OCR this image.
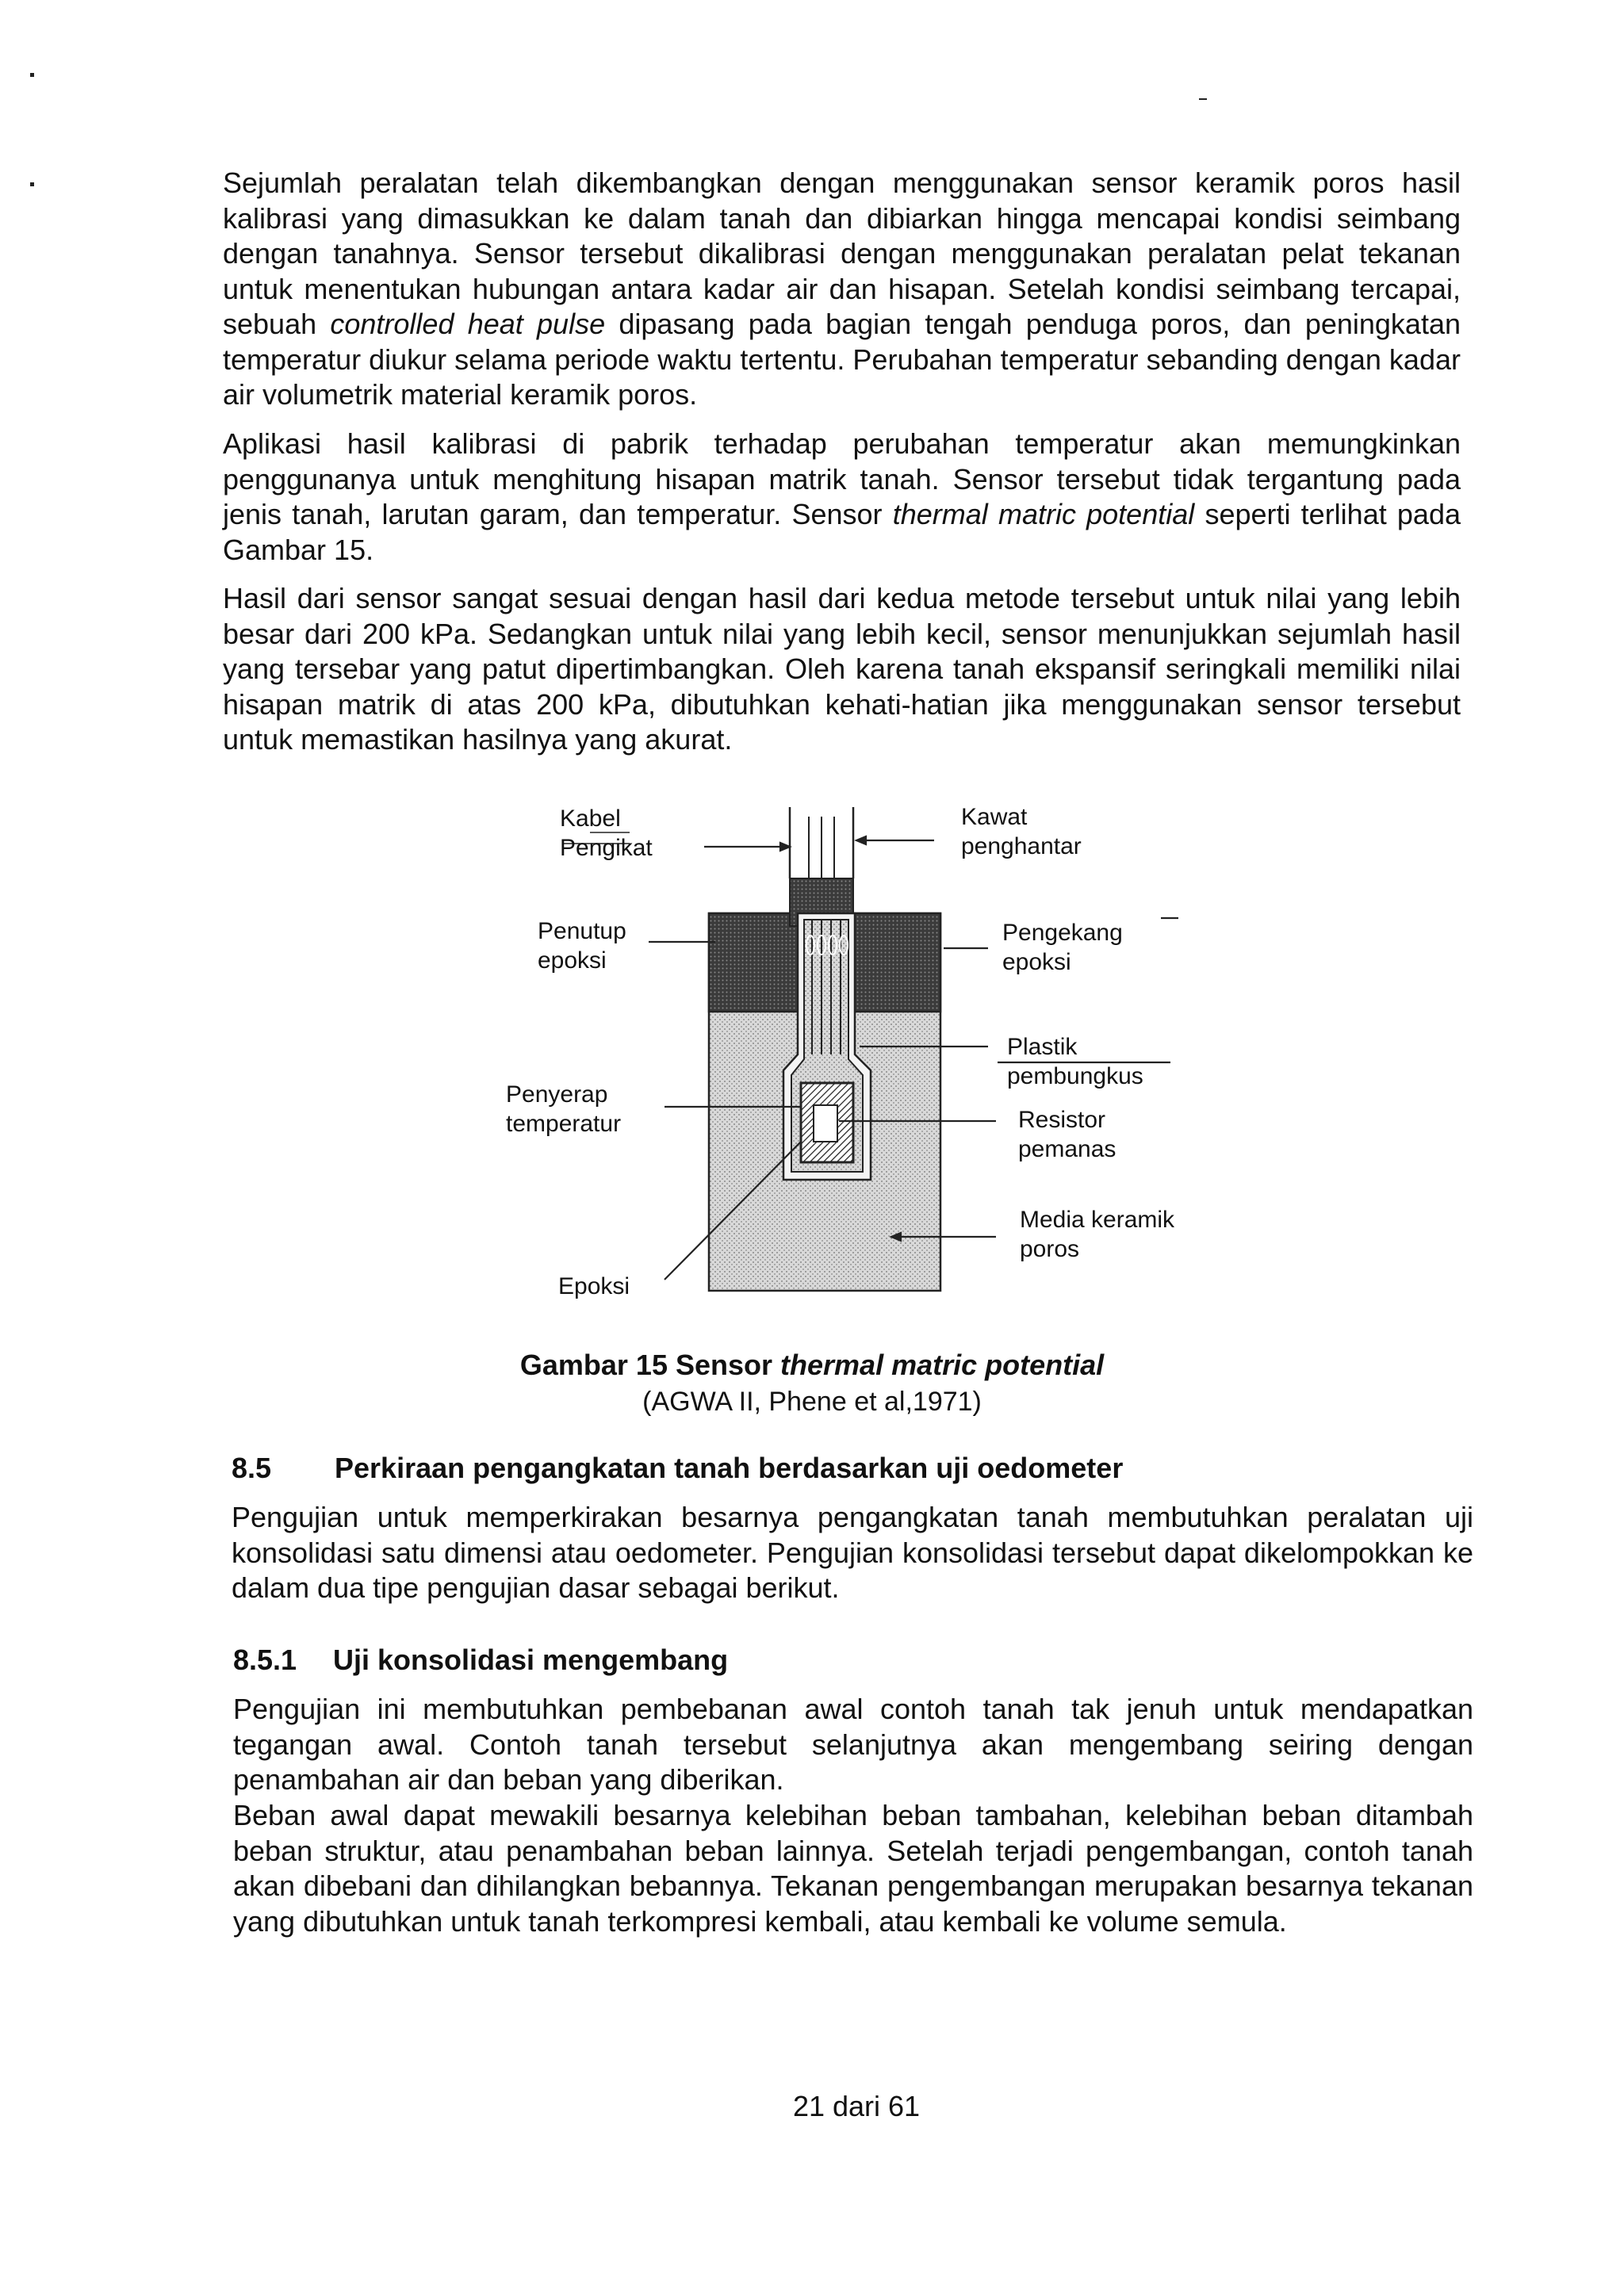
Sejumlah peralatan telah dikembangkan dengan menggunakan sensor keramik poros hasil kalibrasi yang dimasukkan ke dalam tanah dan dibiarkan hingga mencapai kondisi seimbang dengan tanahnya. Sensor tersebut dikalibrasi dengan menggunakan peralatan pelat tekanan untuk menentukan hubungan antara kadar air dan hisapan. Setelah kondisi seimbang tercapai, sebuah controlled heat pulse dipasang pada bagian tengah penduga poros, dan peningkatan temperatur diukur selama periode waktu tertentu. Perubahan temperatur sebanding dengan kadar air volumetrik material keramik poros.

Aplikasi hasil kalibrasi di pabrik terhadap perubahan temperatur akan memungkinkan penggunanya untuk menghitung hisapan matrik tanah. Sensor tersebut tidak tergantung pada jenis tanah, larutan garam, dan temperatur. Sensor thermal matric potential seperti terlihat pada Gambar 15.

Hasil dari sensor sangat sesuai dengan hasil dari kedua metode tersebut untuk nilai yang lebih besar dari 200 kPa. Sedangkan untuk nilai yang lebih kecil, sensor menunjukkan sejumlah hasil yang tersebar yang patut dipertimbangkan. Oleh karena tanah ekspansif seringkali memiliki nilai hisapan matrik di atas 200 kPa, dibutuhkan kehati-hatian jika menggunakan sensor tersebut untuk memastikan hasilnya yang akurat.

Kabel
Pengikat
Kawat
penghantar
Penutup
epoksi
Pengekang
epoksi
Plastik
pembungkus
Penyerap
temperatur	Resistor
pemanas
Media keramik
poros
Epoksi

Gambar 15 Sensor thermal matric potential

(AGWA II, Phene et al,1971)

8.5 Perkiraan pengangkatan tanah berdasarkan uji oedometer

Pengujian untuk memperkirakan besarnya pengangkatan tanah membutuhkan peralatan uji konsolidasi satu dimensi atau oedometer. Pengujian konsolidasi tersebut dapat dikelompokkan ke dalam dua tipe pengujian dasar sebagai berikut.

8.5.1 Uji konsolidasi mengembang

Pengujian ini membutuhkan pembebanan awal contoh tanah tak jenuh untuk mendapatkan tegangan awal. Contoh tanah tersebut selanjutnya akan mengembang seiring dengan penambahan air dan beban yang diberikan.

Beban awal dapat mewakili besarnya kelebihan beban tambahan, kelebihan beban ditambah beban struktur, atau penambahan beban lainnya. Setelah terjadi pengembangan, contoh tanah akan dibebani dan dihilangkan bebannya. Tekanan pengembangan merupakan besarnya tekanan yang dibutuhkan untuk tanah terkompresi kembali, atau kembali ke volume semula.

21 dari 61
